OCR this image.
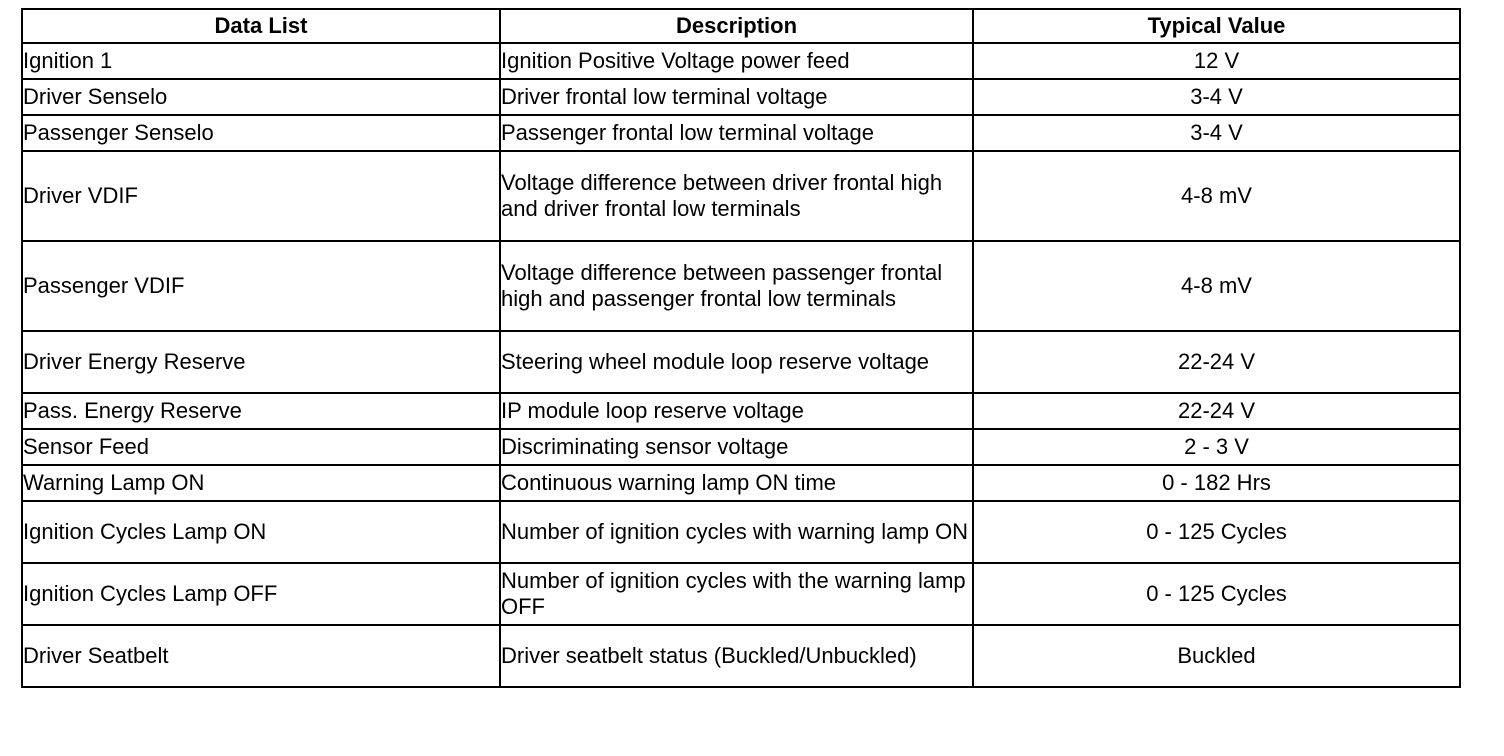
Data List	Description	Typical Value
Ignition 1	Ignition Positive Voltage power feed	12 V
Driver Senselo	Driver frontal low terminal voltage	3-4 V
Passenger Senselo	Passenger frontal low terminal voltage	3-4 V
Driver VDIF	Voltage difference between driver frontal high and driver frontal low terminals	4-8 mV
Passenger VDIF	Voltage difference between passenger frontal high and passenger frontal low terminals	4-8 mV
Driver Energy Reserve	Steering wheel module loop reserve voltage	22-24 V
Pass. Energy Reserve	IP module loop reserve voltage	22-24 V
Sensor Feed	Discriminating sensor voltage	2 - 3 V
Warning Lamp ON	Continuous warning lamp ON time	0 - 182 Hrs
Ignition Cycles Lamp ON	Number of ignition cycles with warning lamp ON	0 - 125 Cycles
Ignition Cycles Lamp OFF	Number of ignition cycles with the warning lamp OFF	0 - 125 Cycles
Driver Seatbelt	Driver seatbelt status (Buckled/Unbuckled)	Buckled
